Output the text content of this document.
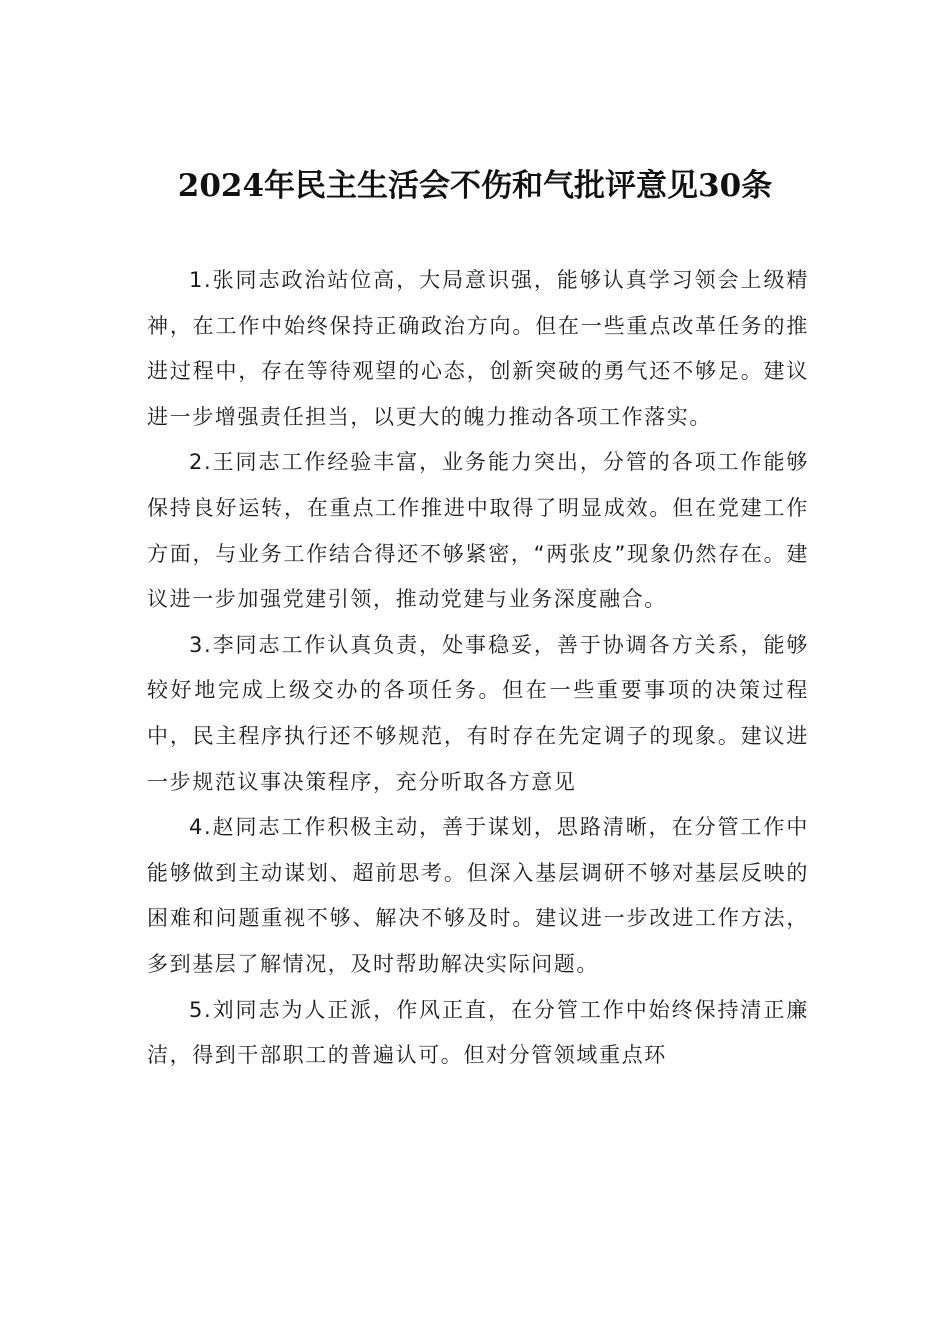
2024年民主生活会不伤和气批评意见30条

1.张同志政治站位高，大局意识强，能够认真学习领会上级精神，在工作中始终保持正确政治方向。但在一些重点改革任务的推进过程中，存在等待观望的心态，创新突破的勇气还不够足。建议进一步增强责任担当，以更大的魄力推动各项工作落实。

2.王同志工作经验丰富，业务能力突出，分管的各项工作能够保持良好运转，在重点工作推进中取得了明显成效。但在党建工作方面，与业务工作结合得还不够紧密，“两张皮”现象仍然存在。建议进一步加强党建引领，推动党建与业务深度融合。

3.李同志工作认真负责，处事稳妥，善于协调各方关系，能够较好地完成上级交办的各项任务。但在一些重要事项的决策过程中，民主程序执行还不够规范，有时存在先定调子的现象。建议进一步规范议事决策程序，充分听取各方意见

4.赵同志工作积极主动，善于谋划，思路清晰，在分管工作中能够做到主动谋划、超前思考。但深入基层调研不够对基层反映的困难和问题重视不够、解决不够及时。建议进一步改进工作方法，多到基层了解情况，及时帮助解决实际问题。

5.刘同志为人正派，作风正直，在分管工作中始终保持清正廉洁，得到干部职工的普遍认可。但对分管领域重点环
